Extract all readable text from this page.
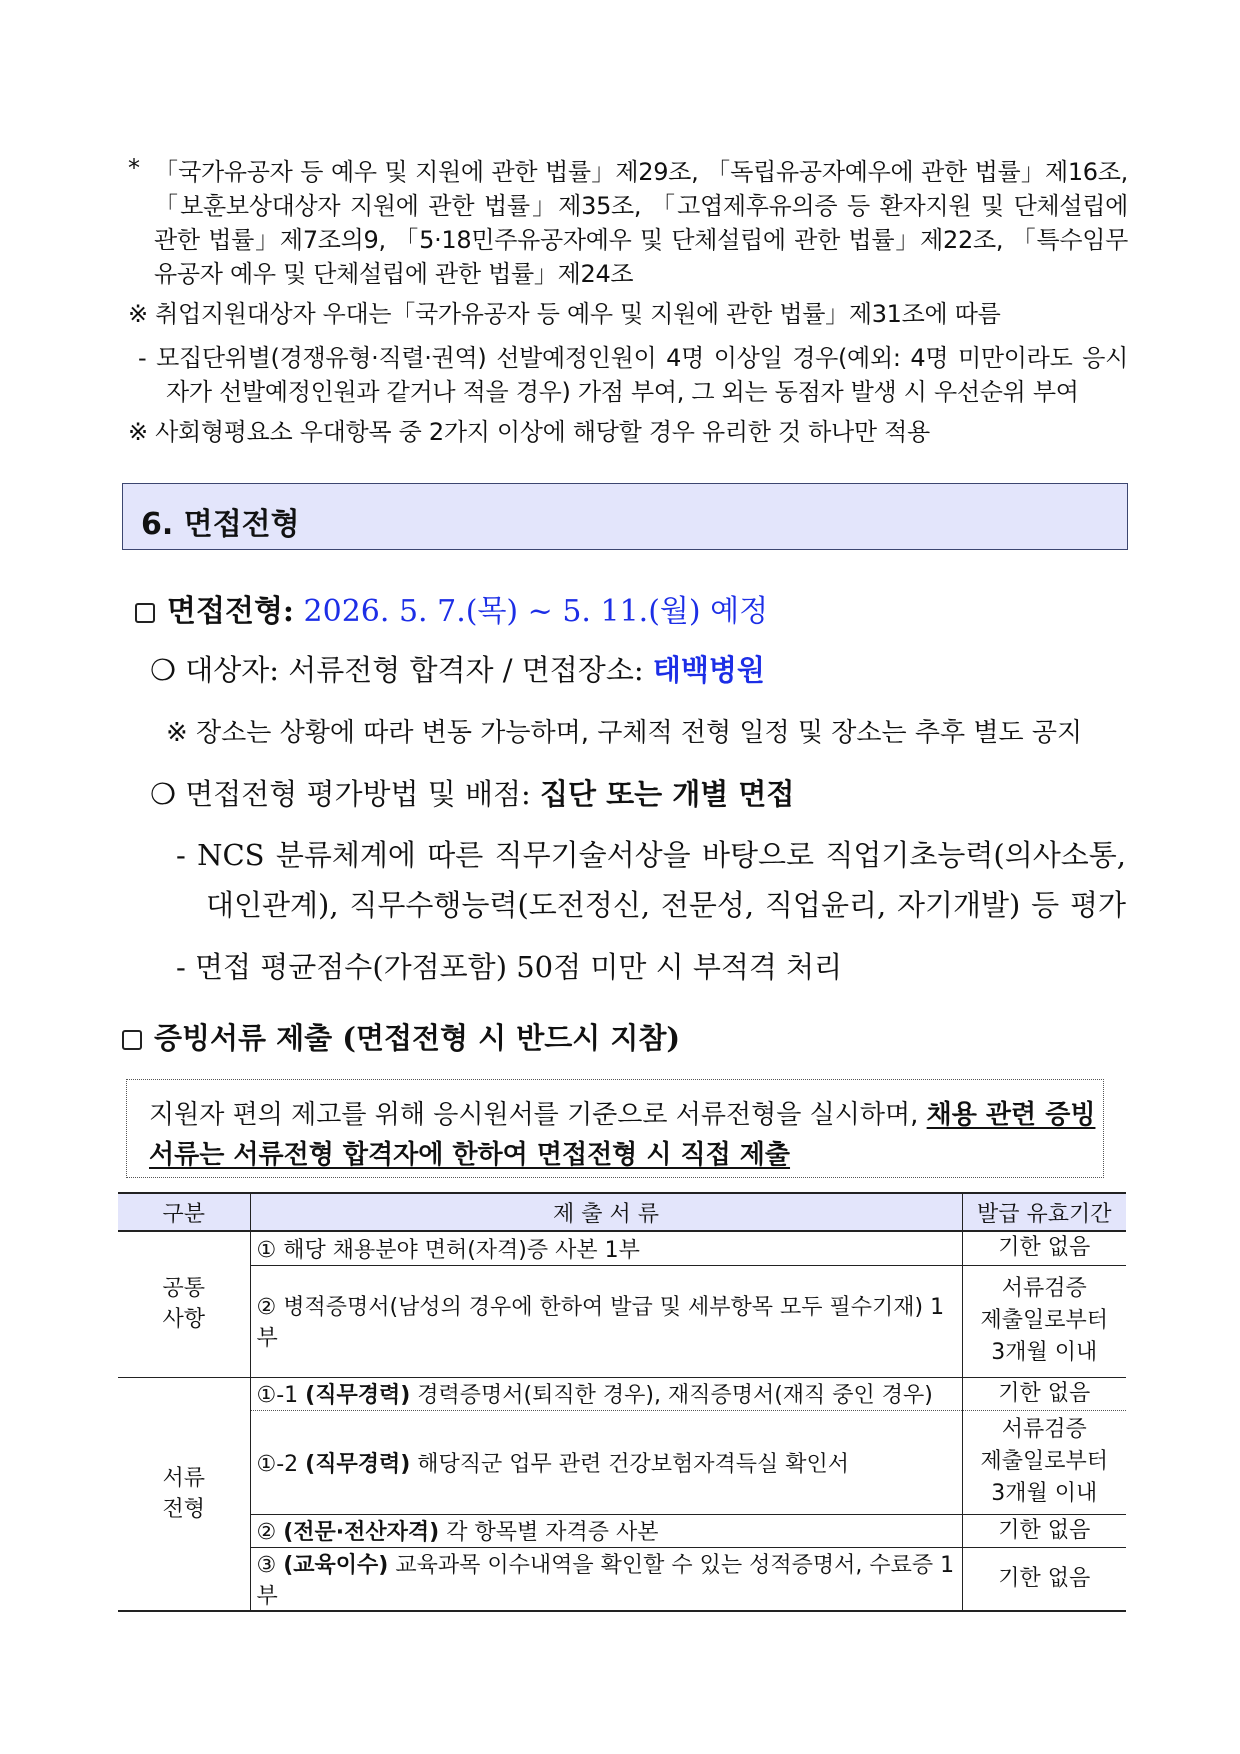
* 「국가유공자 등 예우 및 지원에 관한 법률」제29조, 「독립유공자예우에 관한 법률」제16조,
「보훈보상대상자 지원에 관한 법률」제35조, 「고엽제후유의증 등 환자지원 및 단체설립에
관한 법률」제7조의9, 「5·18민주유공자예우 및 단체설립에 관한 법률」제22조, 「특수임무
유공자 예우 및 단체설립에 관한 법률」제24조
※ 취업지원대상자 우대는「국가유공자 등 예우 및 지원에 관한 법률」제31조에 따름
- 모집단위별(경쟁유형·직렬·권역) 선발예정인원이 4명 이상일 경우(예외: 4명 미만이라도 응시
자가 선발예정인원과 같거나 적을 경우) 가점 부여, 그 외는 동점자 발생 시 우선순위 부여
※ 사회형평요소 우대항목 중 2가지 이상에 해당할 경우 유리한 것 하나만 적용
6. 면접전형
면접전형: 2026. 5. 7.(목) ~ 5. 11.(월) 예정
❍ 대상자: 서류전형 합격자 / 면접장소: 태백병원
※ 장소는 상황에 따라 변동 가능하며, 구체적 전형 일정 및 장소는 추후 별도 공지
❍ 면접전형 평가방법 및 배점: 집단 또는 개별 면접
- NCS 분류체계에 따른 직무기술서상을 바탕으로 직업기초능력(의사소통,
대인관계), 직무수행능력(도전정신, 전문성, 직업윤리, 자기개발) 등 평가
- 면접 평균점수(가점포함) 50점 미만 시 부적격 처리
증빙서류 제출 (면접전형 시 반드시 지참)
지원자 편의 제고를 위해 응시원서를 기준으로 서류전형을 실시하며, 채용 관련 증빙
서류는 서류전형 합격자에 한하여 면접전형 시 직접 제출
구분	제 출 서 류	발급 유효기간
공통
사항	① 해당 채용분야 면허(자격)증 사본 1부	기한 없음
	② 병적증명서(남성의 경우에 한하여 발급 및 세부항목 모두 필수기재) 1부	서류검증
제출일로부터
3개월 이내
서류
전형	①-1 (직무경력) 경력증명서(퇴직한 경우), 재직증명서(재직 중인 경우)	기한 없음
	①-2 (직무경력) 해당직군 업무 관련 건강보험자격득실 확인서	서류검증
제출일로부터
3개월 이내
	② (전문·전산자격) 각 항목별 자격증 사본	기한 없음
	③ (교육이수) 교육과목 이수내역을 확인할 수 있는 성적증명서, 수료증 1부	기한 없음
